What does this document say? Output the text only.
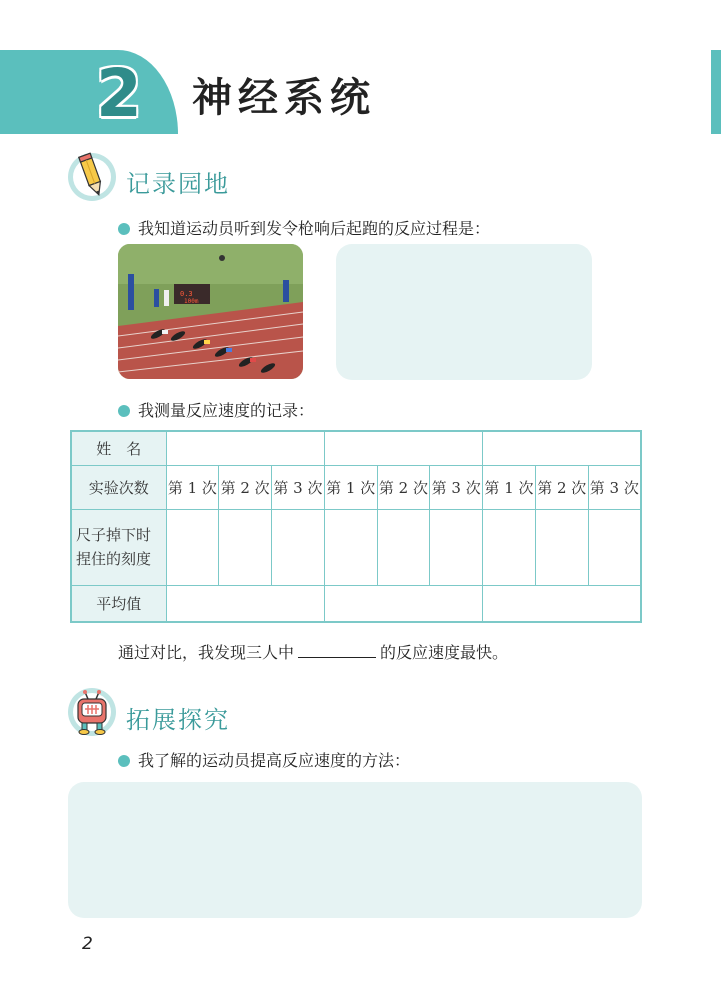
2 神经系统
记录园地
我知道运动员听到发令枪响后起跑的反应过程是：
0.3
100m
我测量反应速度的记录：
姓　名									
实验次数	第 1 次	第 2 次	第 3 次	第 1 次	第 2 次	第 3 次	第 1 次	第 2 次	第 3 次

尺子掉下时
捏住的刻度									

平均值									
通过对比，我发现三人中	的反应速度最快。
拓展探究
我了解的运动员提高反应速度的方法：
2
